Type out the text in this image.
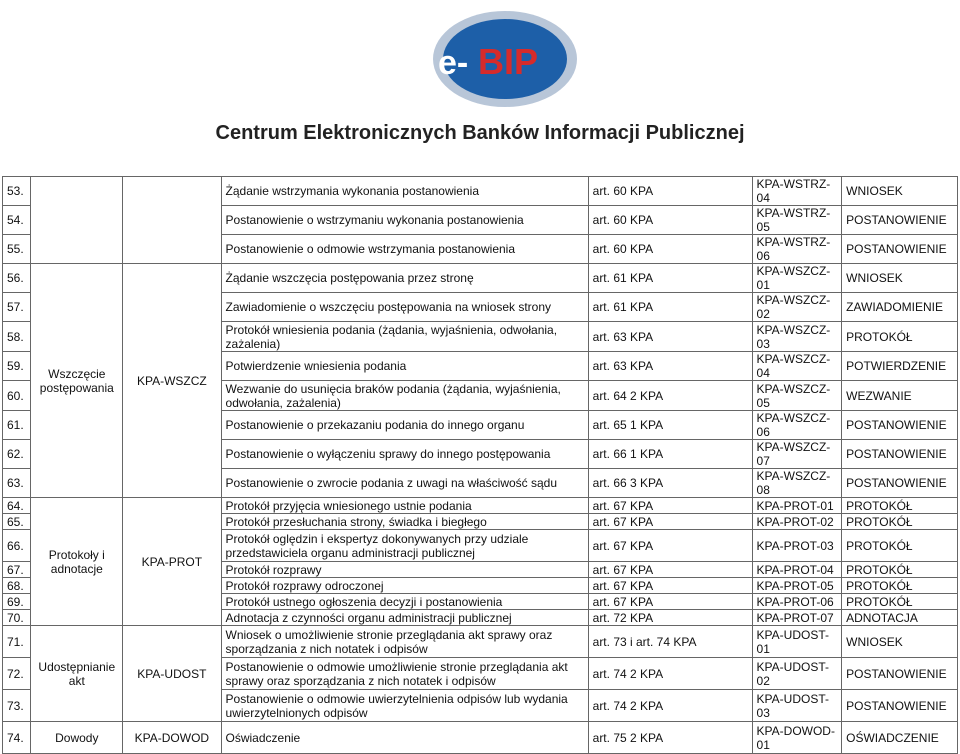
e- BIP
Centrum Elektronicznych Banków Informacji Publicznej
53.			Żądanie wstrzymania wykonania postanowienia	art. 60 KPA	KPA-WSTRZ-04	WNIOSEK
54.			Postanowienie o wstrzymaniu wykonania postanowienia	art. 60 KPA	KPA-WSTRZ-05	POSTANOWIENIE
55.			Postanowienie o odmowie wstrzymania postanowienia	art. 60 KPA	KPA-WSTRZ-06	POSTANOWIENIE
56.	Wszczęcie postępowania	KPA-WSZCZ	Żądanie wszczęcia postępowania przez stronę	art. 61 KPA	KPA-WSZCZ-01	WNIOSEK
57.			Zawiadomienie o wszczęciu postępowania na wniosek strony	art. 61 KPA	KPA-WSZCZ-02	ZAWIADOMIENIE
58.			Protokół wniesienia podania (żądania, wyjaśnienia, odwołania, zażalenia)	art. 63 KPA	KPA-WSZCZ-03	PROTOKÓŁ
59.			Potwierdzenie wniesienia podania	art. 63 KPA	KPA-WSZCZ-04	POTWIERDZENIE
60.			Wezwanie do usunięcia braków podania (żądania, wyjaśnienia, odwołania, zażalenia)	art. 64 2 KPA	KPA-WSZCZ-05	WEZWANIE
61.			Postanowienie o przekazaniu podania do innego organu	art. 65 1 KPA	KPA-WSZCZ-06	POSTANOWIENIE
62.			Postanowienie o wyłączeniu sprawy do innego postępowania	art. 66 1 KPA	KPA-WSZCZ-07	POSTANOWIENIE
63.			Postanowienie o zwrocie podania z uwagi na właściwość sądu	art. 66 3 KPA	KPA-WSZCZ-08	POSTANOWIENIE
64.	Protokoły i adnotacje	KPA-PROT	Protokół przyjęcia wniesionego ustnie podania	art. 67 KPA	KPA-PROT-01	PROTOKÓŁ
65.			Protokół przesłuchania strony, świadka i biegłego	art. 67 KPA	KPA-PROT-02	PROTOKÓŁ
66.			Protokół oględzin i ekspertyz dokonywanych przy udziale przedstawiciela organu administracji publicznej	art. 67 KPA	KPA-PROT-03	PROTOKÓŁ
67.			Protokół rozprawy	art. 67 KPA	KPA-PROT-04	PROTOKÓŁ
68.			Protokół rozprawy odroczonej	art. 67 KPA	KPA-PROT-05	PROTOKÓŁ
69.			Protokół ustnego ogłoszenia decyzji i postanowienia	art. 67 KPA	KPA-PROT-06	PROTOKÓŁ
70.			Adnotacja z czynności organu administracji publicznej	art. 72 KPA	KPA-PROT-07	ADNOTACJA
71.	Udostępnianie akt	KPA-UDOST	Wniosek o umożliwienie stronie przeglądania akt sprawy oraz sporządzania z nich notatek i odpisów	art. 73 i art. 74 KPA	KPA-UDOST-01	WNIOSEK
72.			Postanowienie o odmowie umożliwienie stronie przeglądania akt sprawy oraz sporządzania z nich notatek i odpisów	art. 74 2 KPA	KPA-UDOST-02	POSTANOWIENIE
73.			Postanowienie o odmowie uwierzytelnienia odpisów lub wydania uwierzytelnionych odpisów	art. 74 2 KPA	KPA-UDOST-03	POSTANOWIENIE
74.	Dowody	KPA-DOWOD	Oświadczenie	art. 75 2 KPA	KPA-DOWOD-01	OŚWIADCZENIE
